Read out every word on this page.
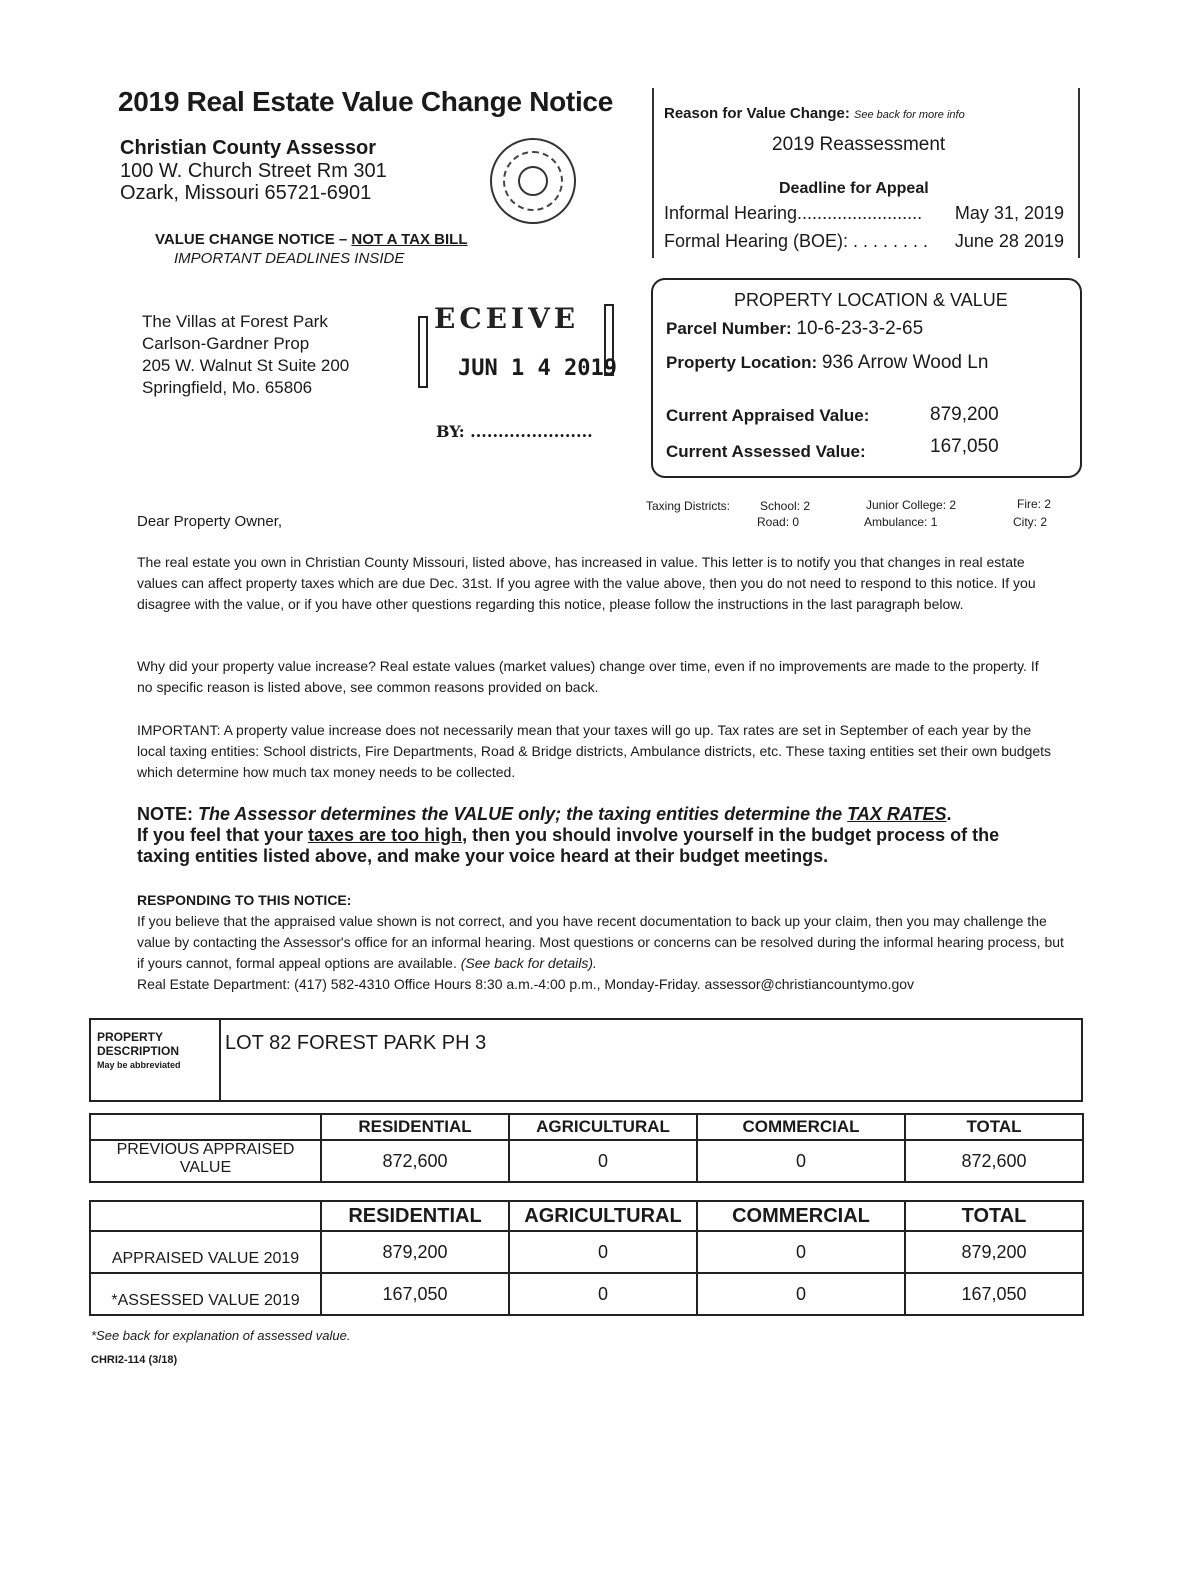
2019 Real Estate Value Change Notice
Christian County Assessor
100 W. Church Street Rm 301
Ozark, Missouri 65721-6901
VALUE CHANGE NOTICE – NOT A TAX BILL
IMPORTANT DEADLINES INSIDE
Reason for Value Change: See back for more info
2019 Reassessment
Deadline for Appeal
Informal Hearing......................... May 31, 2019
Formal Hearing (BOE): . . . . . . . . June 28 2019
The Villas at Forest Park
Carlson-Gardner Prop
205 W. Walnut St Suite 200
Springfield, Mo. 65806
ECEIVE
JUN 1 4 2019
BY: ......................
PROPERTY LOCATION & VALUE
Parcel Number: 10-6-23-3-2-65
Property Location: 936 Arrow Wood Ln
Current Appraised Value:	879,200
Current Assessed Value:	167,050
Taxing Districts: School: 2
Road: 0
Junior College: 2
Ambulance: 1
Fire: 2
City: 2
Dear Property Owner,
The real estate you own in Christian County Missouri, listed above, has increased in value. This letter is to notify you that changes in real estate values can affect property taxes which are due Dec. 31st. If you agree with the value above, then you do not need to respond to this notice. If you disagree with the value, or if you have other questions regarding this notice, please follow the instructions in the last paragraph below.
Why did your property value increase? Real estate values (market values) change over time, even if no improvements are made to the property. If no specific reason is listed above, see common reasons provided on back.
IMPORTANT: A property value increase does not necessarily mean that your taxes will go up. Tax rates are set in September of each year by the local taxing entities: School districts, Fire Departments, Road & Bridge districts, Ambulance districts, etc. These taxing entities set their own budgets which determine how much tax money needs to be collected.
NOTE: The Assessor determines the VALUE only; the taxing entities determine the TAX RATES.
If you feel that your taxes are too high, then you should involve yourself in the budget process of the taxing entities listed above, and make your voice heard at their budget meetings.
RESPONDING TO THIS NOTICE:
If you believe that the appraised value shown is not correct, and you have recent documentation to back up your claim, then you may challenge the value by contacting the Assessor's office for an informal hearing. Most questions or concerns can be resolved during the informal hearing process, but if yours cannot, formal appeal options are available. (See back for details).
Real Estate Department: (417) 582-4310 Office Hours 8:30 a.m.-4:00 p.m., Monday-Friday. assessor@christiancountymo.gov
PROPERTY
DESCRIPTION
May be abbreviated
	LOT 82 FOREST PARK PH 3
	RESIDENTIAL	AGRICULTURAL	COMMERCIAL	TOTAL
PREVIOUS APPRAISED VALUE	872,600	0	0	872,600
	RESIDENTIAL	AGRICULTURAL	COMMERCIAL	TOTAL
APPRAISED VALUE 2019	879,200	0	0	879,200
*ASSESSED VALUE 2019	167,050	0	0	167,050
*See back for explanation of assessed value.
CHRI2-114 (3/18)
